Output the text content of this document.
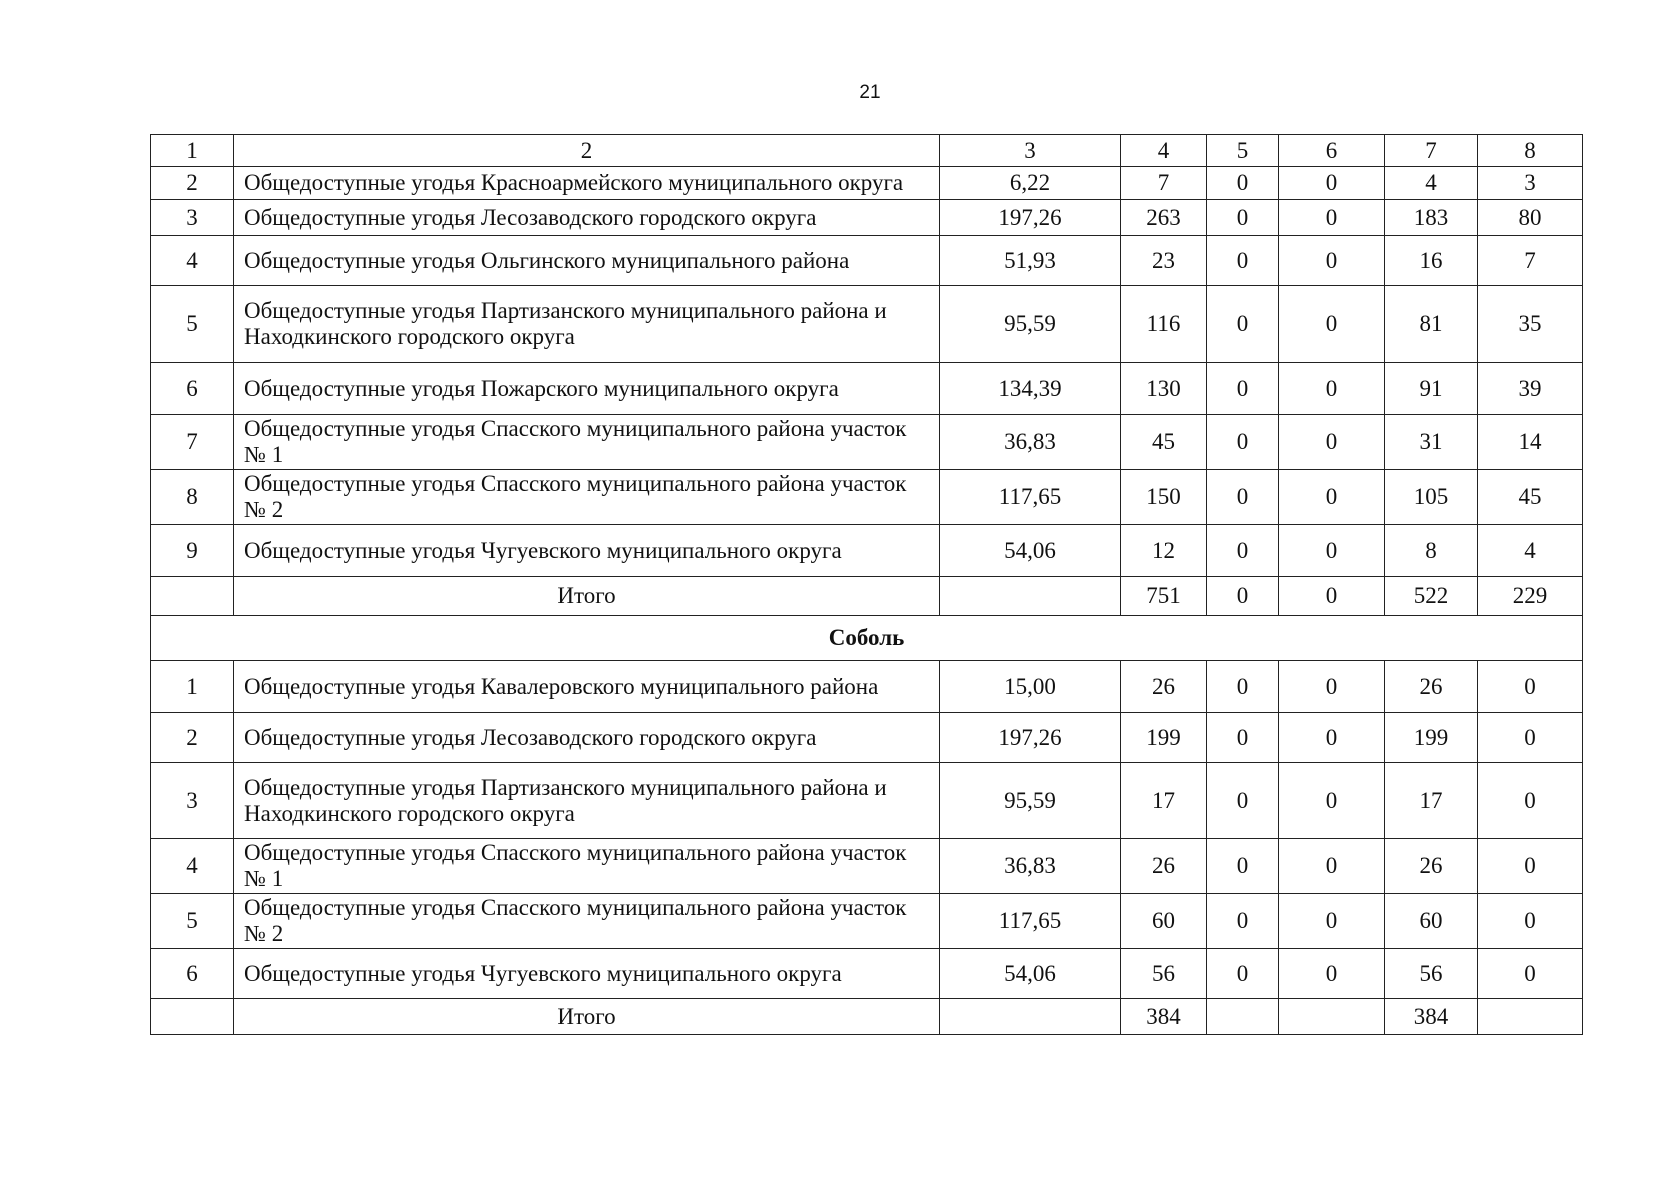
21
1	2	3	4	5	6	7	8
2	Общедоступные угодья Красноармейского муниципального округа	6,22	7	0	0	4	3
3	Общедоступные угодья Лесозаводского городского округа	197,26	263	0	0	183	80
4	Общедоступные угодья Ольгинского муниципального района	51,93	23	0	0	16	7
5	Общедоступные угодья Партизанского муниципального района и Находкинского городского округа	95,59	116	0	0	81	35
6	Общедоступные угодья Пожарского муниципального округа	134,39	130	0	0	91	39
7	Общедоступные угодья Спасского муниципального района участок № 1	36,83	45	0	0	31	14
8	Общедоступные угодья Спасского муниципального района участок № 2	117,65	150	0	0	105	45
9	Общедоступные угодья Чугуевского муниципального округа	54,06	12	0	0	8	4
	Итого		751	0	0	522	229
Соболь							
1	Общедоступные угодья Кавалеровского муниципального района	15,00	26	0	0	26	0
2	Общедоступные угодья Лесозаводского городского округа	197,26	199	0	0	199	0
3	Общедоступные угодья Партизанского муниципального района и Находкинского городского округа	95,59	17	0	0	17	0
4	Общедоступные угодья Спасского муниципального района участок № 1	36,83	26	0	0	26	0
5	Общедоступные угодья Спасского муниципального района участок № 2	117,65	60	0	0	60	0
6	Общедоступные угодья Чугуевского муниципального округа	54,06	56	0	0	56	0
	Итого		384			384	
